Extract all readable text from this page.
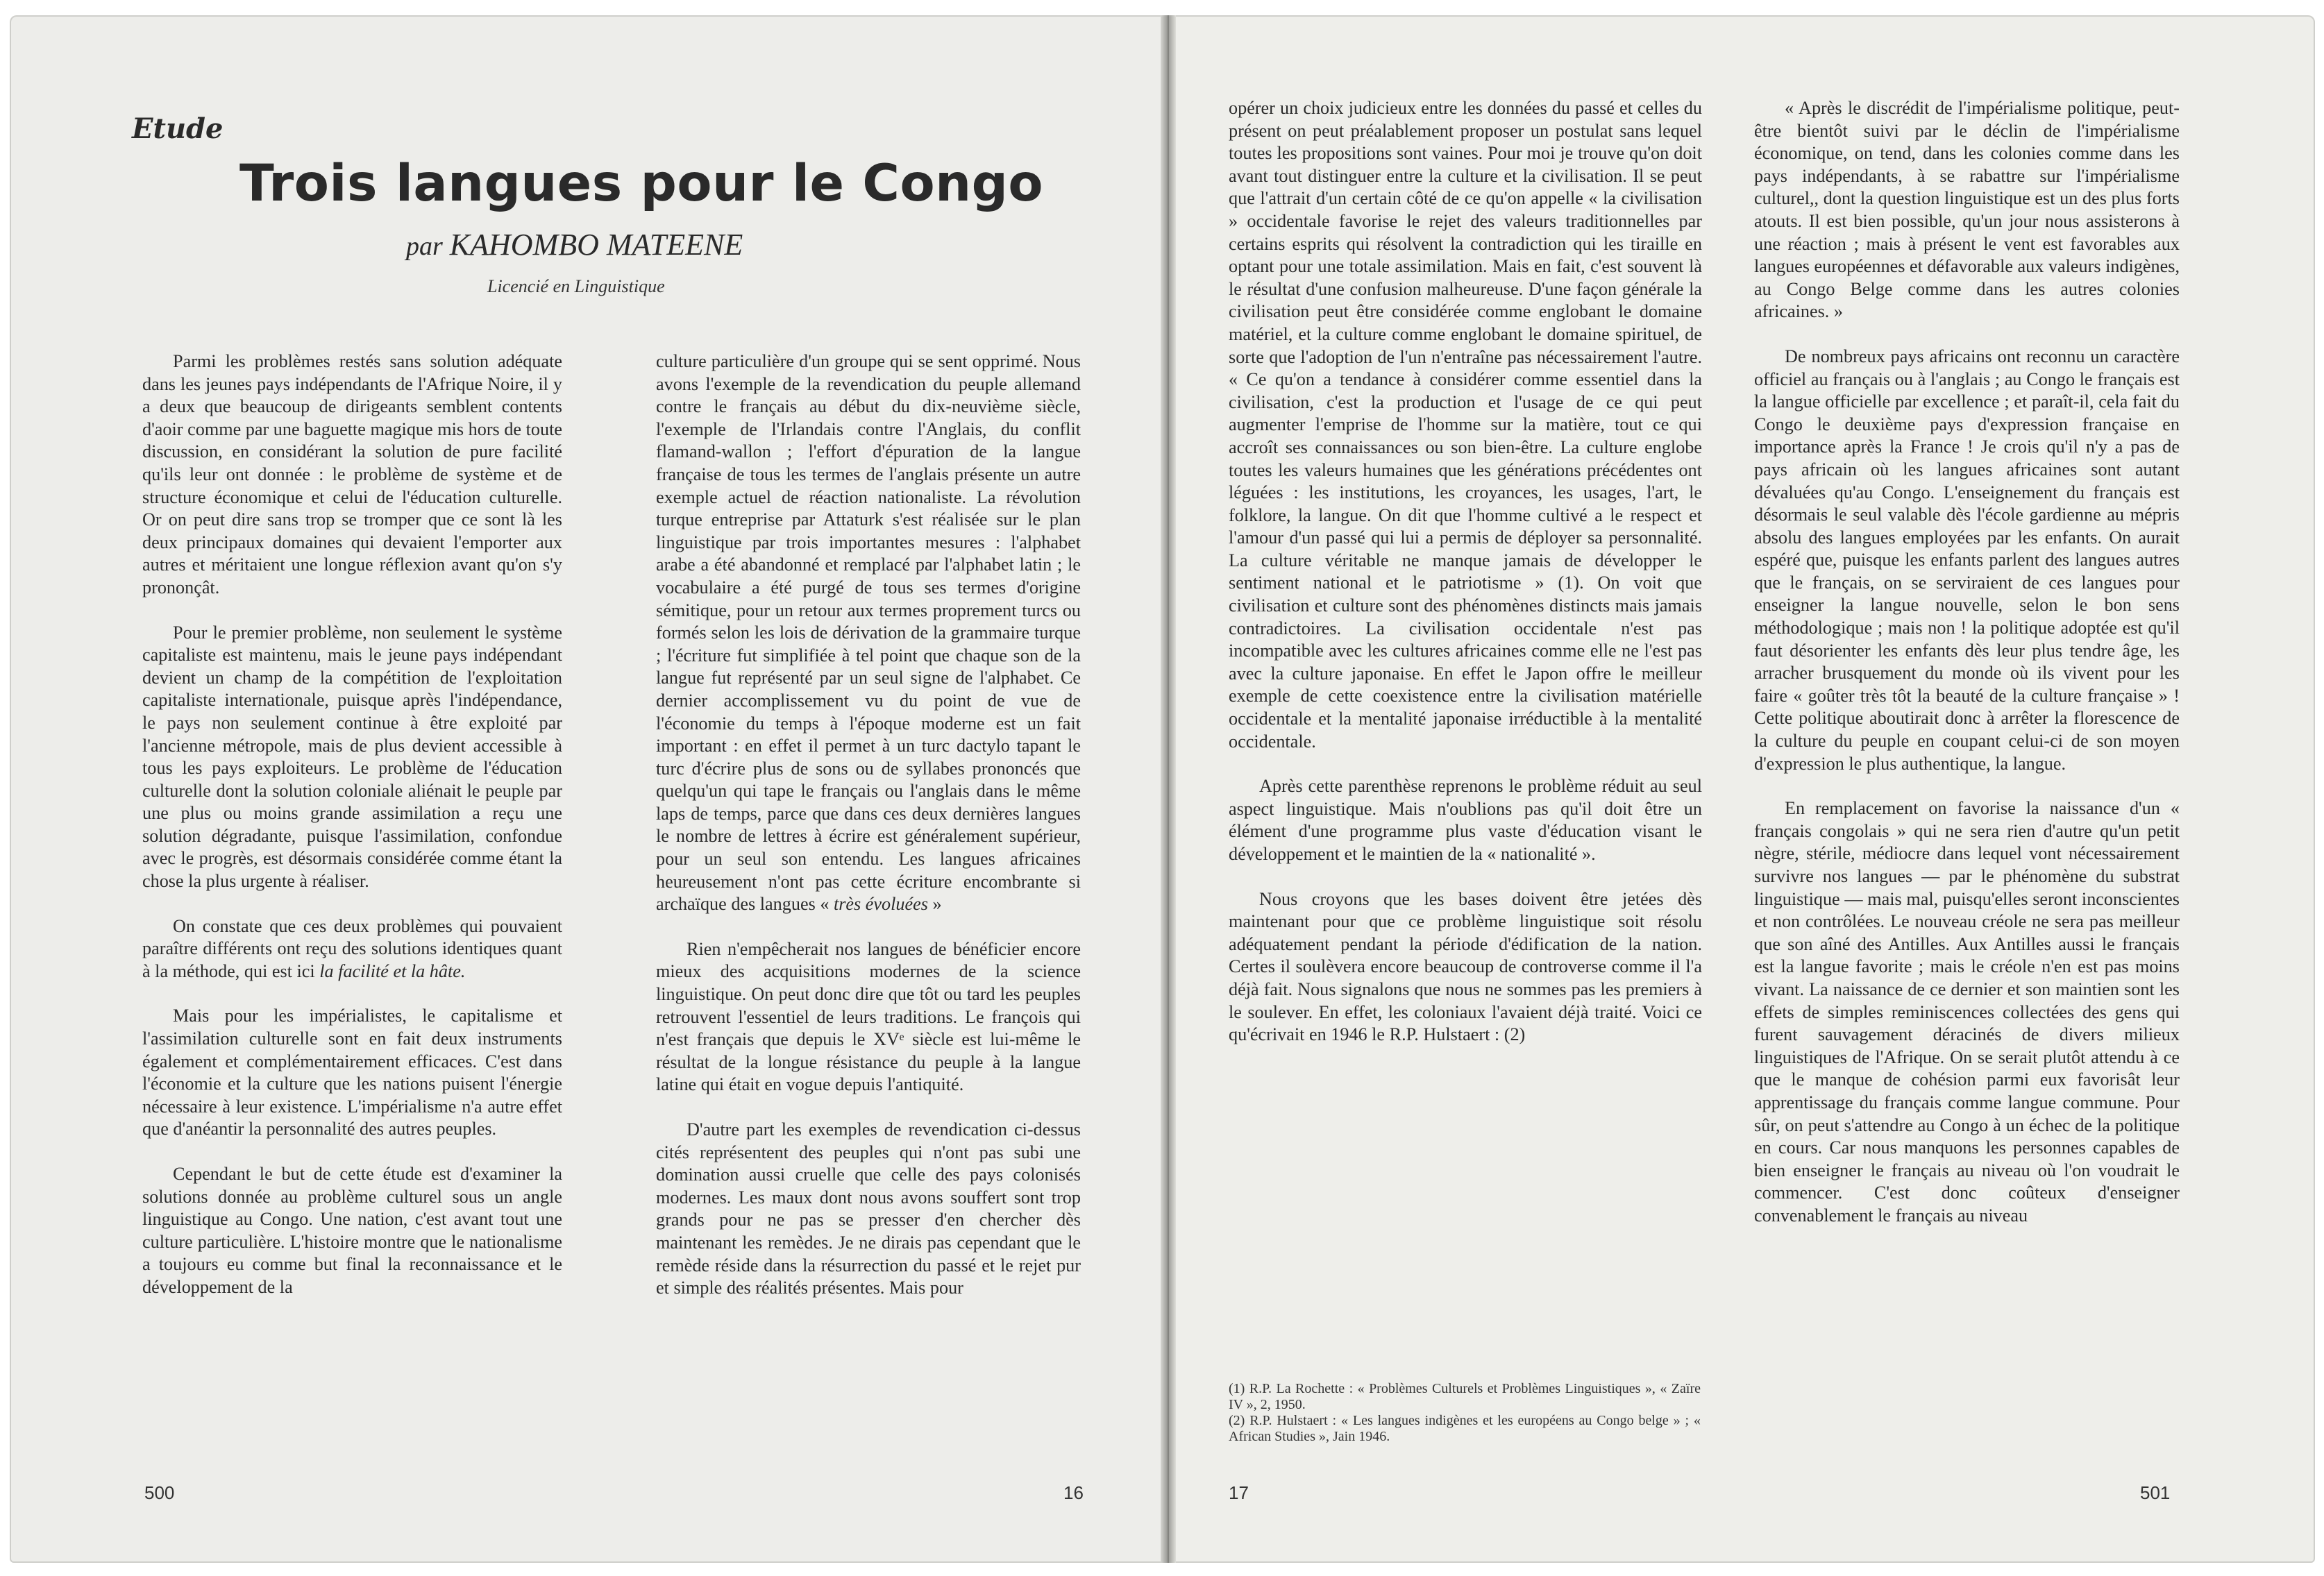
Etude
Trois langues pour le Congo
par KAHOMBO MATEENE
Licencié en Linguistique

Parmi les problèmes restés sans solution adéquate dans les jeunes pays indépendants de l'Afrique Noire, il y a deux que beaucoup de dirigeants semblent contents d'aoir comme par une baguette magique mis hors de toute discussion, en considérant la solution de pure facilité qu'ils leur ont donnée : le problème de système et de structure économique et celui de l'éducation culturelle. Or on peut dire sans trop se tromper que ce sont là les deux principaux domaines qui devaient l'emporter aux autres et méritaient une longue réflexion avant qu'on s'y prononçât.

Pour le premier problème, non seulement le système capitaliste est maintenu, mais le jeune pays indépendant devient un champ de la compétition de l'exploitation capitaliste internationale, puisque après l'indépendance, le pays non seulement continue à être exploité par l'ancienne métropole, mais de plus devient accessible à tous les pays exploiteurs. Le problème de l'éducation culturelle dont la solution coloniale aliénait le peuple par une plus ou moins grande assimilation a reçu une solution dégradante, puisque l'assimilation, confondue avec le progrès, est désormais considérée comme étant la chose la plus urgente à réaliser.

On constate que ces deux problèmes qui pouvaient paraître différents ont reçu des solutions identiques quant à la méthode, qui est ici la facilité et la hâte.

Mais pour les impérialistes, le capitalisme et l'assimilation culturelle sont en fait deux instruments également et complémentairement efficaces. C'est dans l'économie et la culture que les nations puisent l'énergie nécessaire à leur existence. L'impérialisme n'a autre effet que d'anéantir la personnalité des autres peuples.

Cependant le but de cette étude est d'examiner la solutions donnée au problème culturel sous un angle linguistique au Congo. Une nation, c'est avant tout une culture particulière. L'histoire montre que le nationalisme a toujours eu comme but final la reconnaissance et le développement de la

culture particulière d'un groupe qui se sent opprimé. Nous avons l'exemple de la revendication du peuple allemand contre le français au début du dix-neuvième siècle, l'exemple de l'Irlandais contre l'Anglais, du conflit flamand-wallon ; l'effort d'épuration de la langue française de tous les termes de l'anglais présente un autre exemple actuel de réaction nationaliste. La révolution turque entreprise par Attaturk s'est réalisée sur le plan linguistique par trois importantes mesures : l'alphabet arabe a été abandonné et remplacé par l'alphabet latin ; le vocabulaire a été purgé de tous ses termes d'origine sémitique, pour un retour aux termes proprement turcs ou formés selon les lois de dérivation de la grammaire turque ; l'écriture fut simplifiée à tel point que chaque son de la langue fut représenté par un seul signe de l'alphabet. Ce dernier accomplissement vu du point de vue de l'économie du temps à l'époque moderne est un fait important : en effet il permet à un turc dactylo tapant le turc d'écrire plus de sons ou de syllabes prononcés que quelqu'un qui tape le français ou l'anglais dans le même laps de temps, parce que dans ces deux dernières langues le nombre de lettres à écrire est généralement supérieur, pour un seul son entendu. Les langues africaines heureusement n'ont pas cette écriture encombrante si archaïque des langues « très évoluées »

Rien n'empêcherait nos langues de bénéficier encore mieux des acquisitions modernes de la science linguistique. On peut donc dire que tôt ou tard les peuples retrouvent l'essentiel de leurs traditions. Le françois qui n'est français que depuis le XVᵉ siècle est lui-même le résultat de la longue résistance du peuple à la langue latine qui était en vogue depuis l'antiquité.

D'autre part les exemples de revendication ci-dessus cités représentent des peuples qui n'ont pas subi une domination aussi cruelle que celle des pays colonisés modernes. Les maux dont nous avons souffert sont trop grands pour ne pas se presser d'en chercher dès maintenant les remèdes. Je ne dirais pas cependant que le remède réside dans la résurrection du passé et le rejet pur et simple des réalités présentes. Mais pour

opérer un choix judicieux entre les données du passé et celles du présent on peut préalablement proposer un postulat sans lequel toutes les propositions sont vaines. Pour moi je trouve qu'on doit avant tout distinguer entre la culture et la civilisation. Il se peut que l'attrait d'un certain côté de ce qu'on appelle « la civilisation » occidentale favorise le rejet des valeurs traditionnelles par certains esprits qui résolvent la contradiction qui les tiraille en optant pour une totale assimilation. Mais en fait, c'est souvent là le résultat d'une confusion malheureuse. D'une façon générale la civilisation peut être considérée comme englobant le domaine matériel, et la culture comme englobant le domaine spirituel, de sorte que l'adoption de l'un n'entraîne pas nécessairement l'autre. « Ce qu'on a tendance à considérer comme essentiel dans la civilisation, c'est la production et l'usage de ce qui peut augmenter l'emprise de l'homme sur la matière, tout ce qui accroît ses connaissances ou son bien-être. La culture englobe toutes les valeurs humaines que les générations précédentes ont léguées : les institutions, les croyances, les usages, l'art, le folklore, la langue. On dit que l'homme cultivé a le respect et l'amour d'un passé qui lui a permis de déployer sa personnalité. La culture véritable ne manque jamais de développer le sentiment national et le patriotisme » (1). On voit que civilisation et culture sont des phénomènes distincts mais jamais contradictoires. La civilisation occidentale n'est pas incompatible avec les cultures africaines comme elle ne l'est pas avec la culture japonaise. En effet le Japon offre le meilleur exemple de cette coexistence entre la civilisation matérielle occidentale et la mentalité japonaise irréductible à la mentalité occidentale.

Après cette parenthèse reprenons le problème réduit au seul aspect linguistique. Mais n'oublions pas qu'il doit être un élément d'une programme plus vaste d'éducation visant le développement et le maintien de la « nationalité ».

Nous croyons que les bases doivent être jetées dès maintenant pour que ce problème linguistique soit résolu adéquatement pendant la période d'édification de la nation. Certes il soulèvera encore beaucoup de controverse comme il l'a déjà fait. Nous signalons que nous ne sommes pas les premiers à le soulever. En effet, les coloniaux l'avaient déjà traité. Voici ce qu'écrivait en 1946 le R.P. Hulstaert : (2)

(1) R.P. La Rochette : « Problèmes Culturels et Problèmes Linguistiques », « Zaïre IV », 2, 1950.
(2) R.P. Hulstaert : « Les langues indigènes et les européens au Congo belge » ; « African Studies », Jain 1946.

« Après le discrédit de l'impérialisme politique, peut-être bientôt suivi par le déclin de l'impérialisme économique, on tend, dans les colonies comme dans les pays indépendants, à se rabattre sur l'impérialisme culturel,, dont la question linguistique est un des plus forts atouts. Il est bien possible, qu'un jour nous assisterons à une réaction ; mais à présent le vent est favorables aux langues européennes et défavorable aux valeurs indigènes, au Congo Belge comme dans les autres colonies africaines. »

De nombreux pays africains ont reconnu un caractère officiel au français ou à l'anglais ; au Congo le français est la langue officielle par excellence ; et paraît-il, cela fait du Congo le deuxième pays d'expression française en importance après la France ! Je crois qu'il n'y a pas de pays africain où les langues africaines sont autant dévaluées qu'au Congo. L'enseignement du français est désormais le seul valable dès l'école gardienne au mépris absolu des langues employées par les enfants. On aurait espéré que, puisque les enfants parlent des langues autres que le français, on se serviraient de ces langues pour enseigner la langue nouvelle, selon le bon sens méthodologique ; mais non ! la politique adoptée est qu'il faut désorienter les enfants dès leur plus tendre âge, les arracher brusquement du monde où ils vivent pour les faire « goûter très tôt la beauté de la culture française » ! Cette politique aboutirait donc à arrêter la florescence de la culture du peuple en coupant celui-ci de son moyen d'expression le plus authentique, la langue.

En remplacement on favorise la naissance d'un « français congolais » qui ne sera rien d'autre qu'un petit nègre, stérile, médiocre dans lequel vont nécessairement survivre nos langues — par le phénomène du substrat linguistique — mais mal, puisqu'elles seront inconscientes et non contrôlées. Le nouveau créole ne sera pas meilleur que son aîné des Antilles. Aux Antilles aussi le français est la langue favorite ; mais le créole n'en est pas moins vivant. La naissance de ce dernier et son maintien sont les effets de simples reminiscences collectées des gens qui furent sauvagement déracinés de divers milieux linguistiques de l'Afrique. On se serait plutôt attendu à ce que le manque de cohésion parmi eux favorisât leur apprentissage du français comme langue commune. Pour sûr, on peut s'attendre au Congo à un échec de la politique en cours. Car nous manquons les personnes capables de bien enseigner le français au niveau où l'on voudrait le commencer. C'est donc coûteux d'enseigner convenablement le français au niveau

500	16	17	501
